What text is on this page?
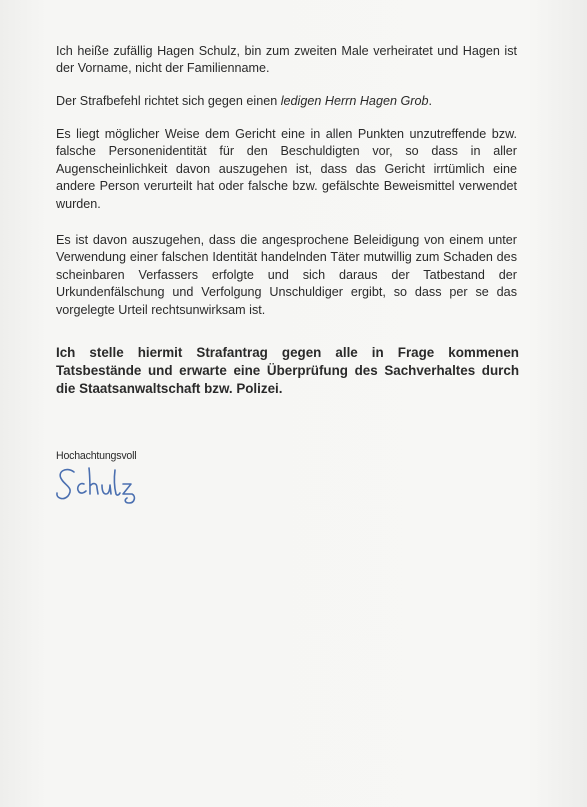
Ich heiße zufällig Hagen Schulz, bin zum zweiten Male verheiratet und Hagen ist der Vorname, nicht der Familienname.

Der Strafbefehl richtet sich gegen einen ledigen Herrn Hagen Grob.

Es liegt möglicher Weise dem Gericht eine in allen Punkten unzutreffende bzw. falsche Personenidentität für den Beschuldigten vor, so dass in aller Augenscheinlichkeit davon auszugehen ist, dass das Gericht irrtümlich eine andere Person verurteilt hat oder falsche bzw. gefälschte Beweismittel verwendet wurden.

Es ist davon auszugehen, dass die angesprochene Beleidigung von einem unter Verwendung einer falschen Identität handelnden Täter mutwillig zum Schaden des scheinbaren Verfassers erfolgte und sich daraus der Tatbestand der Urkundenfälschung und Verfolgung Unschuldiger ergibt, so dass per se das vorgelegte Urteil rechtsunwirksam ist.

Ich stelle hiermit Strafantrag gegen alle in Frage kommenen Tatsbestände und erwarte eine Überprüfung des Sachverhaltes durch die Staatsanwaltschaft bzw. Polizei.

Hochachtungsvoll
